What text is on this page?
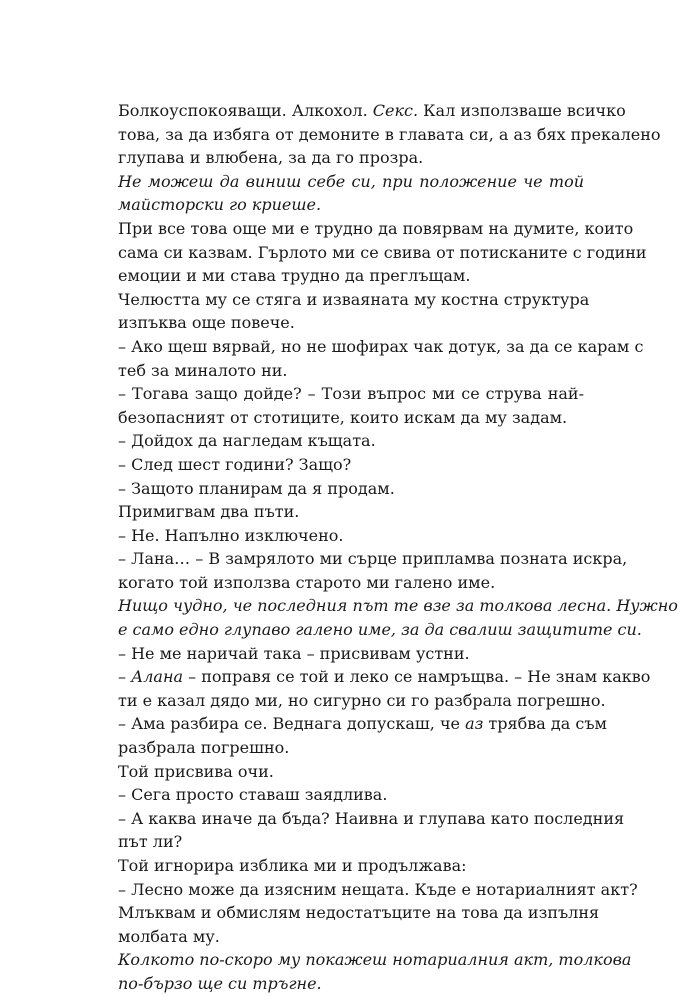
Болкоуспокояващи. Алкохол. Секс. Кал използваше всичко
това, за да избяга от демоните в главата си, а аз бях прекалено
глупава и влюбена, за да го прозра.
Не можеш да виниш себе си, при положение че той
майсторски го криеше.
При все това още ми е трудно да повярвам на думите, които
сама си казвам. Гърлото ми се свива от потисканите с години
емоции и ми става трудно да преглъщам.
Челюстта му се стяга и изваяната му костна структура
изпъква още повече.
– Ако щеш вярвай, но не шофирах чак дотук, за да се карам с
теб за миналото ни.
– Тогава защо дойде? – Този въпрос ми се струва най-
безопасният от стотиците, които искам да му задам.
– Дойдох да нагледам къщата.
– След шест години? Защо?
– Защото планирам да я продам.
Примигвам два пъти.
– Не. Напълно изключено.
– Лана… – В замрялото ми сърце припламва позната искра,
когато той използва старото ми галено име.
Нищо чудно, че последния път те взе за толкова лесна. Нужно
е само едно глупаво галено име, за да свалиш защитите си.
– Не ме наричай така – присвивам устни.
– Алана – поправя се той и леко се намръщва. – Не знам какво
ти е казал дядо ми, но сигурно си го разбрала погрешно.
– Ама разбира се. Веднага допускаш, че аз трябва да съм
разбрала погрешно.
Той присвива очи.
– Сега просто ставаш заядлива.
– А каква иначе да бъда? Наивна и глупава като последния
път ли?
Той игнорира изблика ми и продължава:
– Лесно може да изясним нещата. Къде е нотариалният акт?
Млъквам и обмислям недостатъците на това да изпълня
молбата му.
Колкото по-скоро му покажеш нотариалния акт, толкова
по-бързо ще си тръгне.
